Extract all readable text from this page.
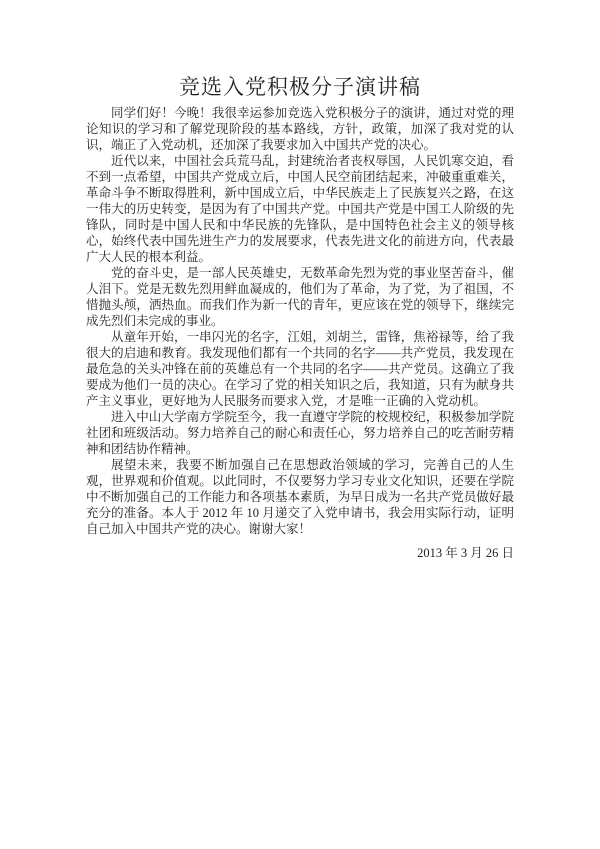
竞选入党积极分子演讲稿

同学们好！今晚！我很幸运参加竞选入党积极分子的演讲，通过对党的理论知识的学习和了解党现阶段的基本路线，方针，政策，加深了我对党的认识，端正了入党动机，还加深了我要求加入中国共产党的决心。

近代以来，中国社会兵荒马乱，封建统治者丧权辱国，人民饥寒交迫，看不到一点希望，中国共产党成立后，中国人民空前团结起来，冲破重重难关，革命斗争不断取得胜利，新中国成立后，中华民族走上了民族复兴之路，在这一伟大的历史转变，是因为有了中国共产党。中国共产党是中国工人阶级的先锋队，同时是中国人民和中华民族的先锋队，是中国特色社会主义的领导核心，始终代表中国先进生产力的发展要求，代表先进文化的前进方向，代表最广大人民的根本利益。

党的奋斗史，是一部人民英雄史，无数革命先烈为党的事业坚苦奋斗，催人泪下。党是无数先烈用鲜血凝成的，他们为了革命，为了党，为了祖国，不惜抛头颅，洒热血。而我们作为新一代的青年，更应该在党的领导下，继续完成先烈们未完成的事业。

从童年开始，一串闪光的名字，江姐，刘胡兰，雷锋，焦裕禄等，给了我很大的启迪和教育。我发现他们都有一个共同的名字——共产党员，我发现在最危急的关头冲锋在前的英雄总有一个共同的名字——共产党员。这确立了我要成为他们一员的决心。在学习了党的相关知识之后，我知道，只有为献身共产主义事业，更好地为人民服务而要求入党，才是唯一正确的入党动机。

进入中山大学南方学院至今，我一直遵守学院的校规校纪，积极参加学院社团和班级活动。努力培养自己的耐心和责任心，努力培养自己的吃苦耐劳精神和团结协作精神。

展望未来，我要不断加强自己在思想政治领域的学习，完善自己的人生观，世界观和价值观。以此同时，不仅要努力学习专业文化知识，还要在学院中不断加强自己的工作能力和各项基本素质，为早日成为一名共产党员做好最充分的准备。本人于 2012 年 10 月递交了入党申请书，我会用实际行动，证明自己加入中国共产党的决心。谢谢大家！

2013 年 3 月 26 日
